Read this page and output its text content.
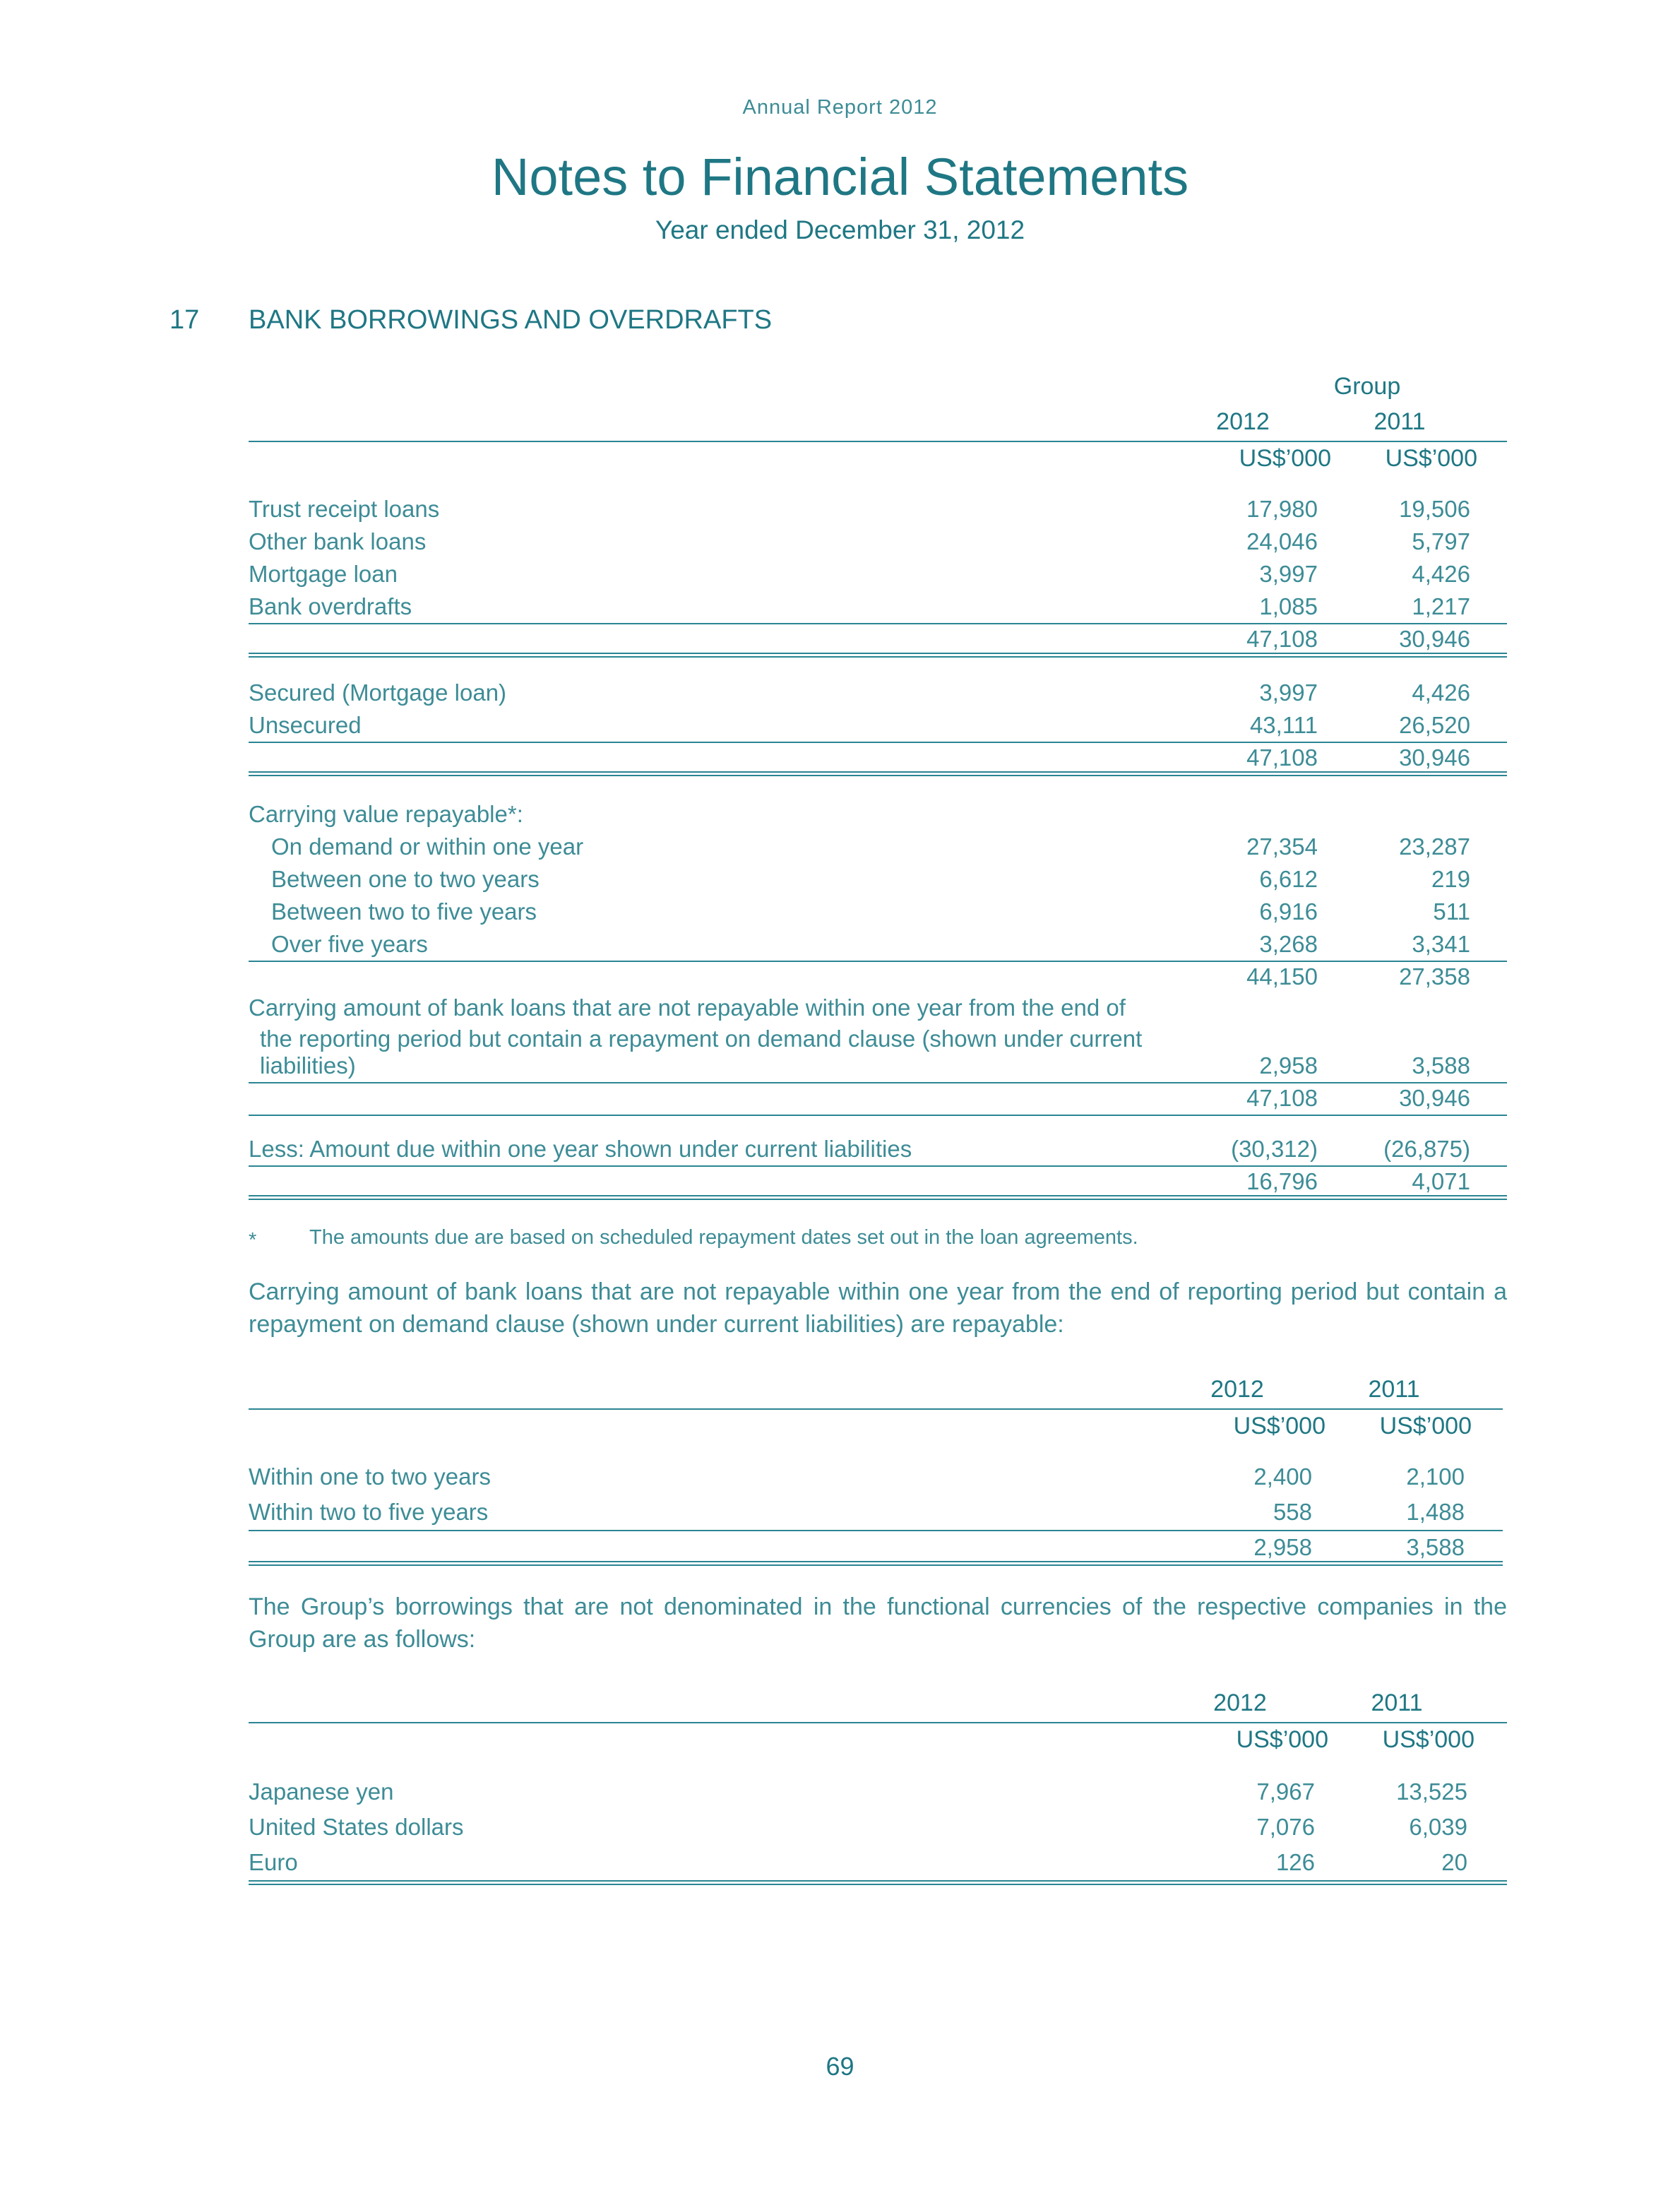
Annual Report 2012
Notes to Financial Statements
Year ended December 31, 2012
17 BANK BORROWINGS AND OVERDRAFTS
Group
2012	2011
US$’000	US$’000
Trust receipt loans	17,980	19,506
Other bank loans	24,046	5,797
Mortgage loan	3,997	4,426
Bank overdrafts	1,085	1,217
47,108	30,946
Secured (Mortgage loan)	3,997	4,426
Unsecured	43,111	26,520
47,108	30,946
Carrying value repayable*:
On demand or within one year	27,354	23,287
Between one to two years	6,612	219
Between two to five years	6,916	511
Over five years	3,268	3,341
44,150	27,358
Carrying amount of bank loans that are not repayable within one year from the end of
the reporting period but contain a repayment on demand clause (shown under current
liabilities)	2,958	3,588
47,108	30,946
Less: Amount due within one year shown under current liabilities	(30,312)	(26,875)
16,796	4,071
*	The amounts due are based on scheduled repayment dates set out in the loan agreements.
Carrying amount of bank loans that are not repayable within one year from the end of reporting period but contain a repayment on demand clause (shown under current liabilities) are repayable:
2012	2011
US$’000	US$’000
Within one to two years	2,400	2,100
Within two to five years	558	1,488
2,958	3,588
The Group’s borrowings that are not denominated in the functional currencies of the respective companies in the Group are as follows:
2012	2011
US$’000	US$’000
Japanese yen	7,967	13,525
United States dollars	7,076	6,039
Euro	126	20
69
